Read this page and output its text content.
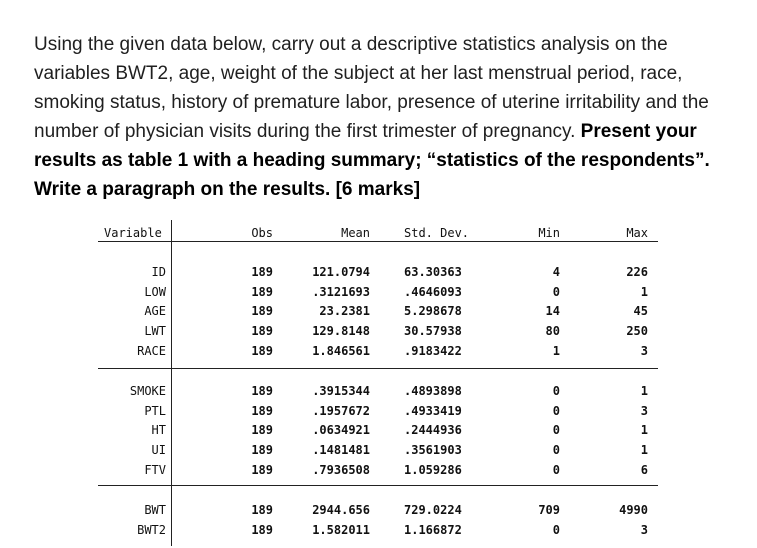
Using the given data below, carry out a descriptive statistics analysis on the variables BWT2, age, weight of the subject at her last menstrual period, race, smoking status, history of premature labor, presence of uterine irritability and the number of physician visits during the first trimester of pregnancy. Present your results as table 1 with a heading summary; “statistics of the respondents”. Write a paragraph on the results. [6 marks]
Variable	Obs	Mean	Std. Dev.	Min	Max
ID	189	121.0794	63.30363	4	226
LOW	189	.3121693	.4646093	0	1
AGE	189	23.2381	5.298678	14	45
LWT	189	129.8148	30.57938	80	250
RACE	189	1.846561	.9183422	1	3
SMOKE	189	.3915344	.4893898	0	1
PTL	189	.1957672	.4933419	0	3
HT	189	.0634921	.2444936	0	1
UI	189	.1481481	.3561903	0	1
FTV	189	.7936508	1.059286	0	6
BWT	189	2944.656	729.0224	709	4990
BWT2	189	1.582011	1.166872	0	3
